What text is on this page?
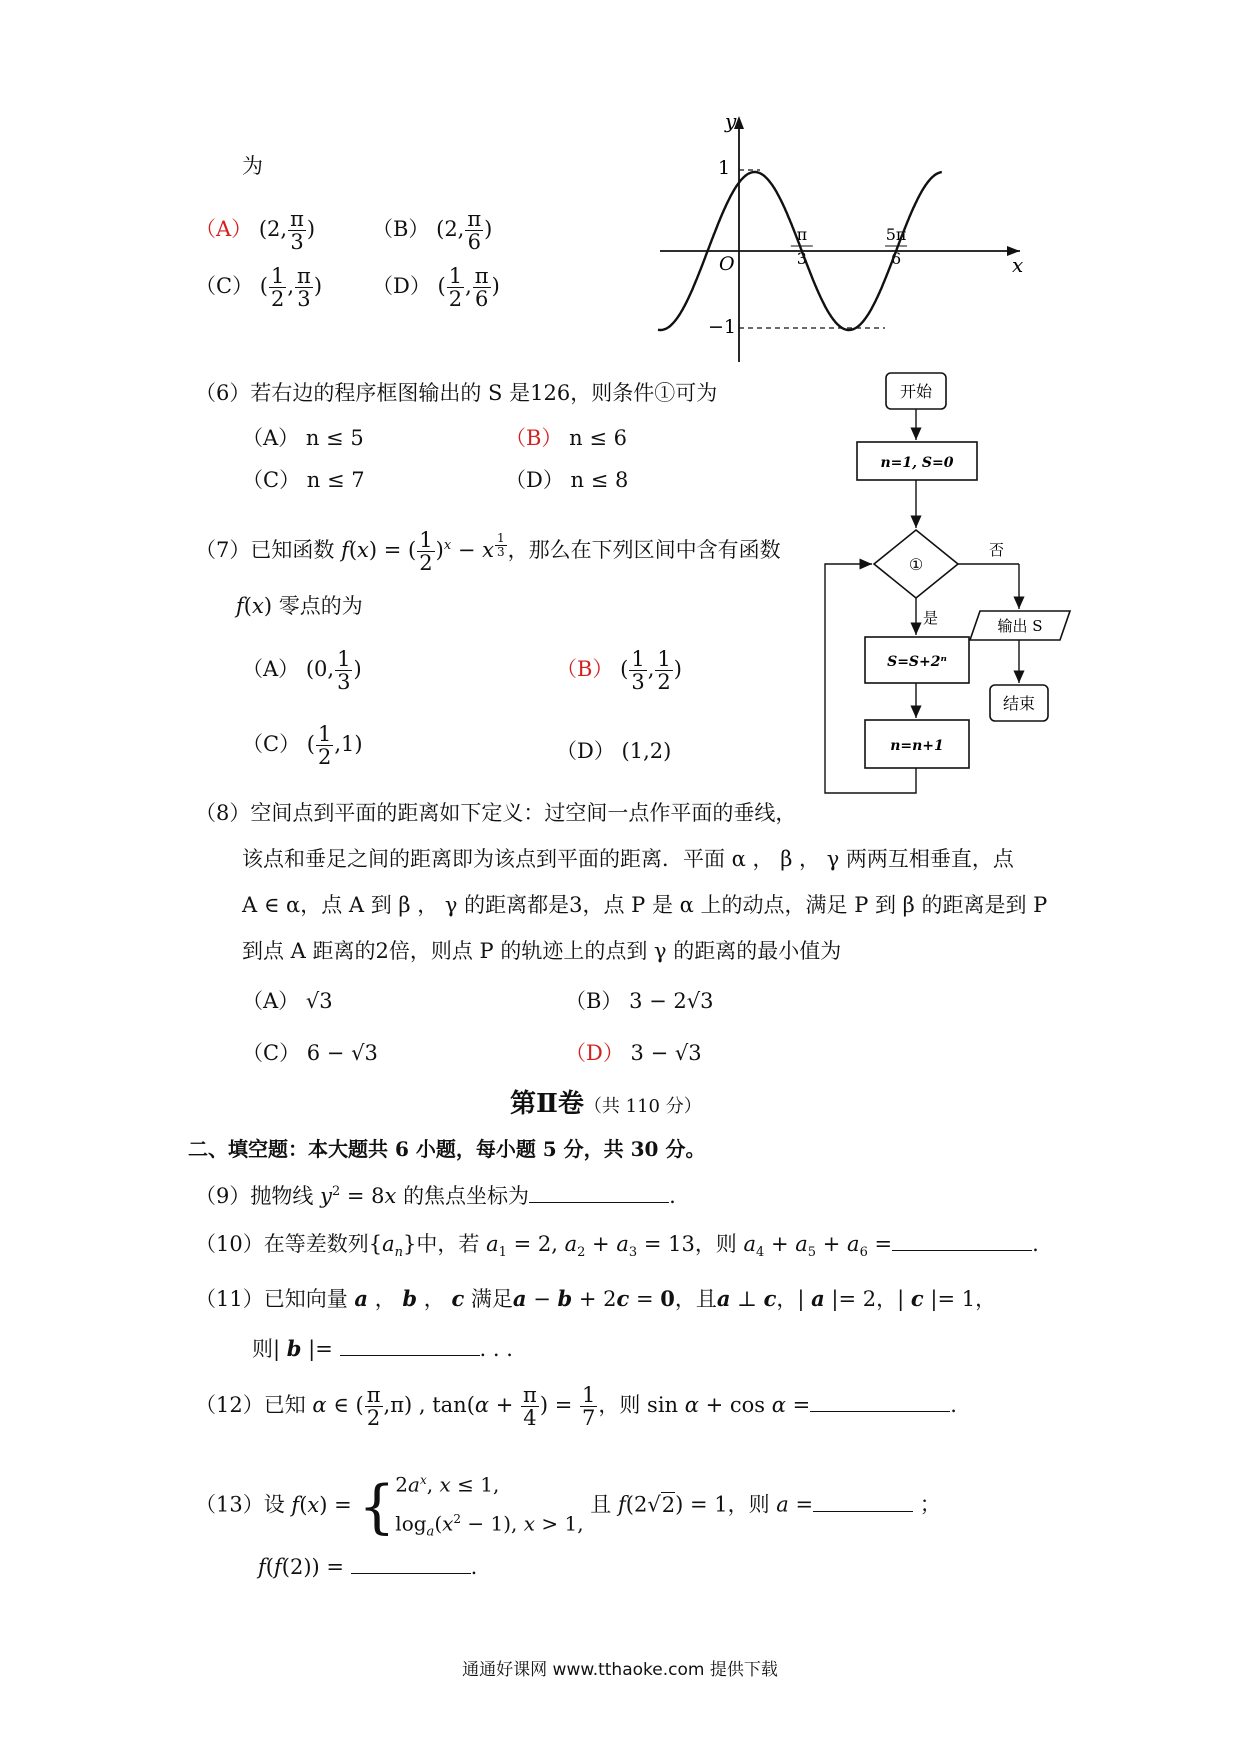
为
（A） (2, $\frac{\pi}{3}$ )	（B） (2, $\frac{\pi}{6}$ )
（C） ( $\frac{1}{2}$ , $\frac{\pi}{3}$ ) （D） ( $\frac{1}{2}$ , $\frac{\pi}{6}$ )
y
x
O
1
−1
π
3
5π
6
（6）若右边的程序框图输出的 S 是126，则条件①可为
（A） n ≤ 5	（B） n ≤ 6
（C） n ≤ 7	（D） n ≤ 8
开始
n=1, S=0
①
否
输出 S
结束
是
S=S+2ⁿ
n=n+1
（7）已知函数 f(x) = ( $\frac{1}{2} )^x - x$ $^{\frac{1}{3}}$ ，那么在下列区间中含有函数
f(x) 零点的为
（A） (0, $\frac{1}{3}$ )	（B） ( $\frac{1}{3}$ , $\frac{1}{2}$ )
（C） ( $\frac{1}{2} ,1$)	（D） (1,2)
（8）空间点到平面的距离如下定义：过空间一点作平面的垂线，
该点和垂足之间的距离即为该点到平面的距离．平面 α ， β ， γ 两两互相垂直，点
A ∈ α，点 A 到 β ， γ 的距离都是3，点 P 是 α 上的动点，满足 P 到 β 的距离是到 P
到点 A 距离的2倍，则点 P 的轨迹上的点到 γ 的距离的最小值为
（A） √3	（B） 3 − 2√3
（C） 6 − √3	（D） 3 − √3
第Ⅱ卷（共 110 分）
二、填空题：本大题共 6 小题，每小题 5 分，共 30 分。
（9）抛物线 $y^2 = 8x$ 的焦点坐标为	.
（10）在等差数列$\{a_n\}$中，若 $a_1 = 2$, $a_2 + a_3 = 13$，则 $a_4 + a_5 + a_6$ =	.
（11）已知向量 a ， b ， c 满足a − b + 2c = 0，且a ⊥ c，| a |= 2，| c |= 1，
则| b |=	. . .
（12）已知 α ∈ ( $\frac{\pi}{2} ,\pi$) , $\tan(\alpha + \frac{\pi}{4}$ ) = $\frac{1}{7}$ ，则 sin α + cos α =	.
（13）设 $f(x) = \{2a^x$, x ≤ 1,
$\log_a(x^2 - 1)$, x > 1, 且 f(2√2) = 1，则 a =	；
f(f(2)) =	.
通通好课网 www.tthaoke.com 提供下载
